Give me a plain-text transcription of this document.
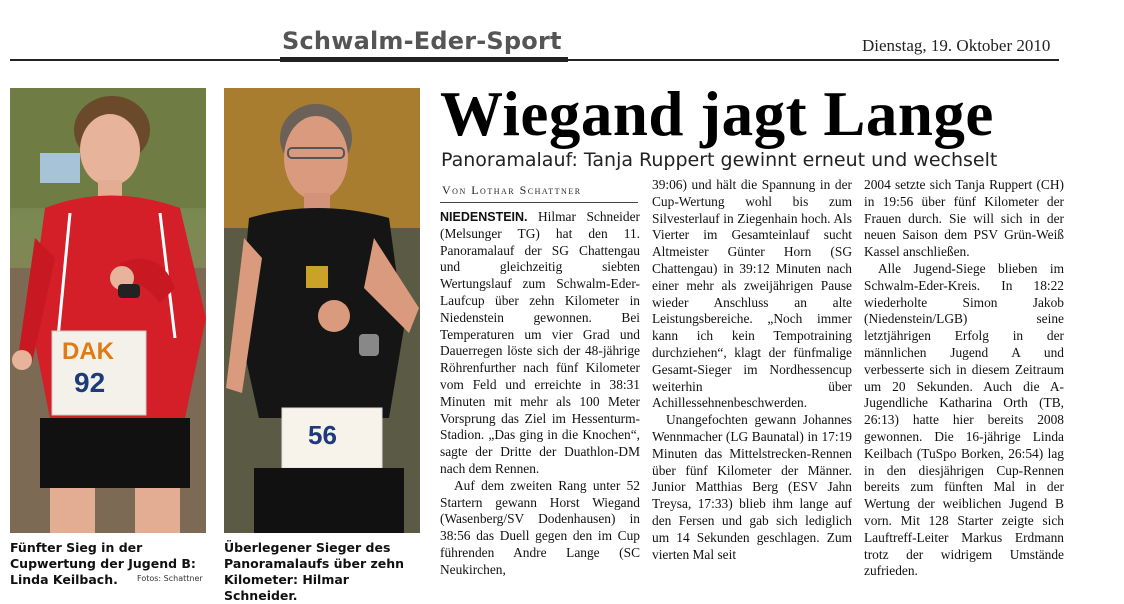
Schwalm-Eder-Sport	Dienstag, 19. Oktober 2010
DAK
92
56
Fünfter Sieg in der Cupwertung der Jugend B: Linda Keilbach.	Fotos: Schattner
Überlegener Sieger des Panoramalaufs über zehn Kilometer: Hilmar Schneider.
Wiegand jagt Lange
Panoramalauf: Tanja Ruppert gewinnt erneut und wechselt
Von Lothar Schattner

NIEDENSTEIN. Hilmar Schneider (Melsunger TG) hat den 11. Panoramalauf der SG Chattengau und gleichzeitig siebten Wertungslauf zum Schwalm-Eder-Laufcup über zehn Kilometer in Niedenstein gewonnen. Bei Temperaturen um vier Grad und Dauerregen löste sich der 48-jährige Röhrenfurther nach fünf Kilometer vom Feld und erreichte in 38:31 Minuten mit mehr als 100 Meter Vorsprung das Ziel im Hessenturm-Stadion. „Das ging in die Knochen“, sagte der Dritte der Duathlon-DM nach dem Rennen.

Auf dem zweiten Rang unter 52 Startern gewann Horst Wiegand (Wasenberg/SV Dodenhausen) in 38:56 das Duell gegen den im Cup führenden Andre Lange (SC Neukirchen,

39:06) und hält die Spannung in der Cup-Wertung wohl bis zum Silvesterlauf in Ziegenhain hoch. Als Vierter im Gesamteinlauf sucht Altmeister Günter Horn (SG Chattengau) in 39:12 Minuten nach einer mehr als zweijährigen Pause wieder Anschluss an alte Leistungsbereiche. „Noch immer kann ich kein Tempotraining durchziehen“, klagt der fünfmalige Gesamt-Sieger im Nordhessencup weiterhin über Achillessehnenbeschwerden.

Unangefochten gewann Johannes Wennmacher (LG Baunatal) in 17:19 Minuten das Mittelstrecken-Rennen über fünf Kilometer der Männer. Junior Matthias Berg (ESV Jahn Treysa, 17:33) blieb ihm lange auf den Fersen und gab sich lediglich um 14 Sekunden geschlagen. Zum vierten Mal seit

2004 setzte sich Tanja Ruppert (CH) in 19:56 über fünf Kilometer der Frauen durch. Sie will sich in der neuen Saison dem PSV Grün-Weiß Kassel anschließen.

Alle Jugend-Siege blieben im Schwalm-Eder-Kreis. In 18:22 wiederholte Simon Jakob (Niedenstein/LGB) seine letztjährigen Erfolg in der männlichen Jugend A und verbesserte sich in diesem Zeitraum um 20 Sekunden. Auch die A-Jugendliche Katharina Orth (TB, 26:13) hatte hier bereits 2008 gewonnen. Die 16-jährige Linda Keilbach (TuSpo Borken, 26:54) lag in den diesjährigen Cup-Rennen bereits zum fünften Mal in der Wertung der weiblichen Jugend B vorn. Mit 128 Starter zeigte sich Lauftreff-Leiter Markus Erdmann trotz der widrigem Umstände zufrieden.
